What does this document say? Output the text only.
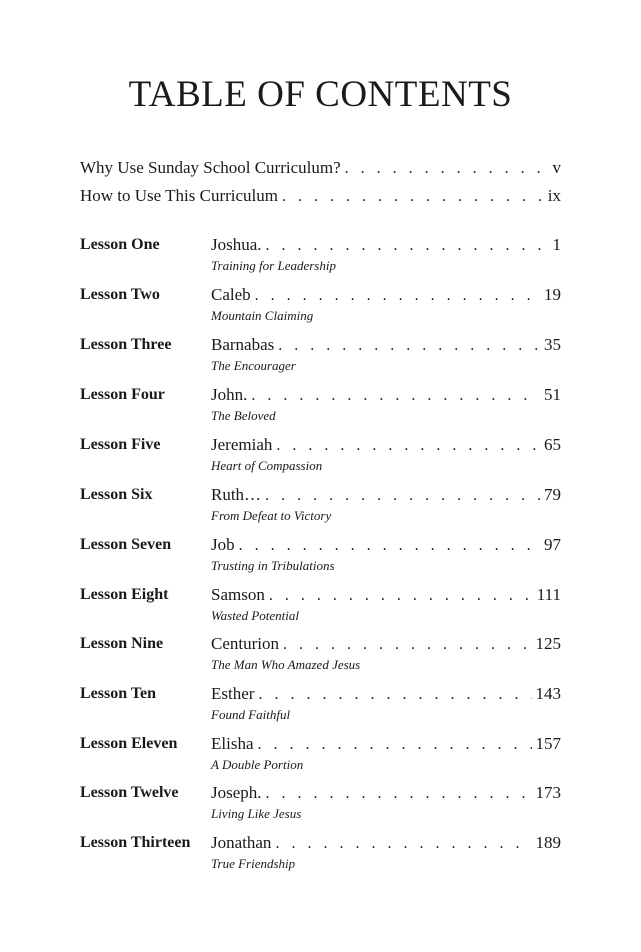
TABLE OF CONTENTS
Why Use Sunday School Curriculum? . . .	v
How to Use This Curriculum . . .	ix
Lesson One	Joshua. . . .	1
Training for Leadership
Lesson Two	Caleb . . .	19
Mountain Claiming
Lesson Three Barnabas . . .	35
The Encourager
Lesson Four	John. . . .	51
The Beloved
Lesson Five	Jeremiah . . .	65
Heart of Compassion
Lesson Six	Ruth… . . .	79
From Defeat to Victory
Lesson Seven Job . . .	97
Trusting in Tribulations
Lesson Eight	Samson . . .	111
Wasted Potential
Lesson Nine	Centurion . . .	125
The Man Who Amazed Jesus
Lesson Ten	Esther . . .	143
Found Faithful
Lesson Eleven Elisha . . .	157
A Double Portion
Lesson Twelve Joseph. . . .	173
Living Like Jesus
Lesson Thirteen Jonathan . . .	189
True Friendship
